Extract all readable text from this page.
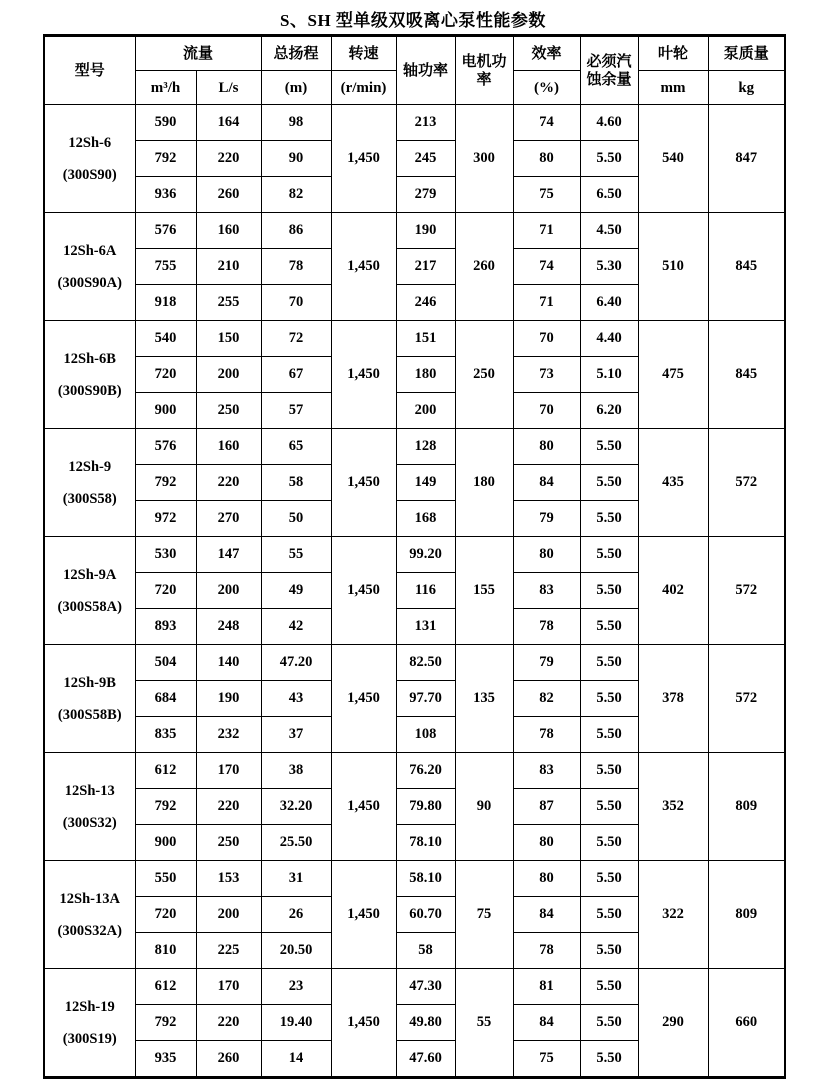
S、SH 型单级双吸离心泵性能参数
型号	流量		总扬程	转速	轴功率	电机功率	效率	必须汽蚀余量	叶轮	泵质量
	m³/h	L/s	(m)	(r/min)			(%)		mm	kg

12Sh-6
(300S90)	590	164	98	1,450	213	300	74	4.60	540	847
	792	220	90		245		80	5.50		
	936	260	82		279		75	6.50		

12Sh-6A
(300S90A)	576	160	86	1,450	190	260	71	4.50	510	845
	755	210	78		217		74	5.30		
	918	255	70		246		71	6.40		

12Sh-6B
(300S90B)	540	150	72	1,450	151	250	70	4.40	475	845
	720	200	67		180		73	5.10		
	900	250	57		200		70	6.20		

12Sh-9
(300S58)	576	160	65	1,450	128	180	80	5.50	435	572
	792	220	58		149		84	5.50		
	972	270	50		168		79	5.50		

12Sh-9A
(300S58A)	530	147	55	1,450	99.20	155	80	5.50	402	572
	720	200	49		116		83	5.50		
	893	248	42		131		78	5.50		

12Sh-9B
(300S58B)	504	140	47.20	1,450	82.50	135	79	5.50	378	572
	684	190	43		97.70		82	5.50		
	835	232	37		108		78	5.50		

12Sh-13
(300S32)	612	170	38	1,450	76.20	90	83	5.50	352	809
	792	220	32.20		79.80		87	5.50		
	900	250	25.50		78.10		80	5.50		

12Sh-13A
(300S32A)	550	153	31	1,450	58.10	75	80	5.50	322	809
	720	200	26		60.70		84	5.50		
	810	225	20.50		58		78	5.50		

12Sh-19
(300S19)	612	170	23	1,450	47.30	55	81	5.50	290	660
	792	220	19.40		49.80		84	5.50		
	935	260	14		47.60		75	5.50		
